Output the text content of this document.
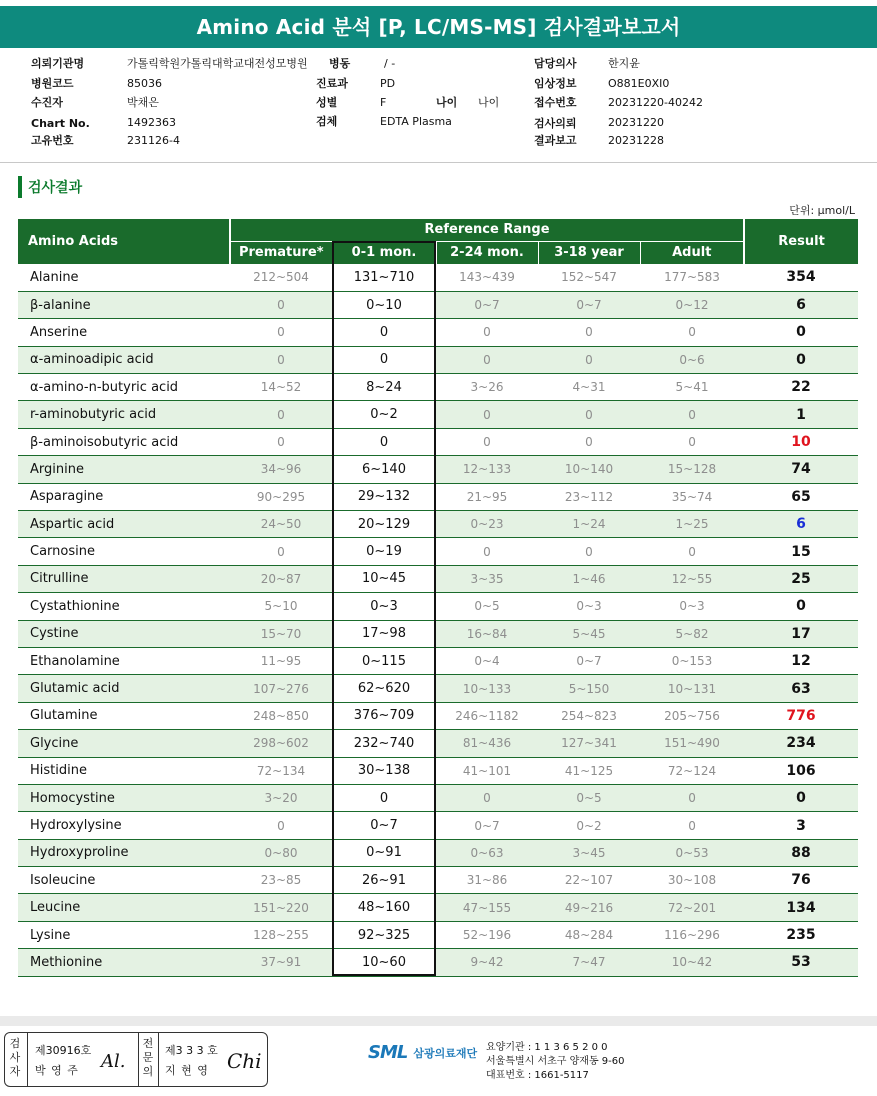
Amino Acid 분석 [P, LC/MS-MS] 검사결과보고서
의뢰기관명	가톨릭학원가톨릭대학교대전성모병원 병동	/ -	담당의사	한지윤
병원코드	85036	진료과	PD	임상정보	O881E0XI0
수진자	박채은	성별	F	나이 나이	접수번호	20231220-40242
Chart No.	1492363	검체	EDTA Plasma	검사의뢰	20231220
고유번호	231126-4	결과보고	20231228
검사결과
단위: µmol/L
Amino Acids	Reference Range					Result
	Premature*	0-1 mon.	2-24 mon.	3-18 year	Adult	
Alanine	212~504	131~710	143~439	152~547	177~583	354
β-alanine	0	0~10	0~7	0~7	0~12	6
Anserine	0	0	0	0	0	0
α-aminoadipic acid	0	0	0	0	0~6	0
α-amino-n-butyric acid	14~52	8~24	3~26	4~31	5~41	22
r-aminobutyric acid	0	0~2	0	0	0	1
β-aminoisobutyric acid	0	0	0	0	0	10
Arginine	34~96	6~140	12~133	10~140	15~128	74
Asparagine	90~295	29~132	21~95	23~112	35~74	65
Aspartic acid	24~50	20~129	0~23	1~24	1~25	6
Carnosine	0	0~19	0	0	0	15
Citrulline	20~87	10~45	3~35	1~46	12~55	25
Cystathionine	5~10	0~3	0~5	0~3	0~3	0
Cystine	15~70	17~98	16~84	5~45	5~82	17
Ethanolamine	11~95	0~115	0~4	0~7	0~153	12
Glutamic acid	107~276	62~620	10~133	5~150	10~131	63
Glutamine	248~850	376~709	246~1182	254~823	205~756	776
Glycine	298~602	232~740	81~436	127~341	151~490	234
Histidine	72~134	30~138	41~101	41~125	72~124	106
Homocystine	3~20	0	0	0~5	0	0
Hydroxylysine	0	0~7	0~7	0~2	0	3
Hydroxyproline	0~80	0~91	0~63	3~45	0~53	88
Isoleucine	23~85	26~91	31~86	22~107	30~108	76
Leucine	151~220	48~160	47~155	49~216	72~201	134
Lysine	128~255	92~325	52~196	48~284	116~296	235
Methionine	37~91	10~60	9~42	7~47	10~42	53
검
사
자
제30916호
박 영 주 Al.
전
문
의
제3 3 3 호
지 현 영 Chi	SML 삼광의료재단 요양기관 : 1 1 3 6 5 2 0 0
서울특별시 서초구 양재동 9-60
대표번호 : 1661-5117
